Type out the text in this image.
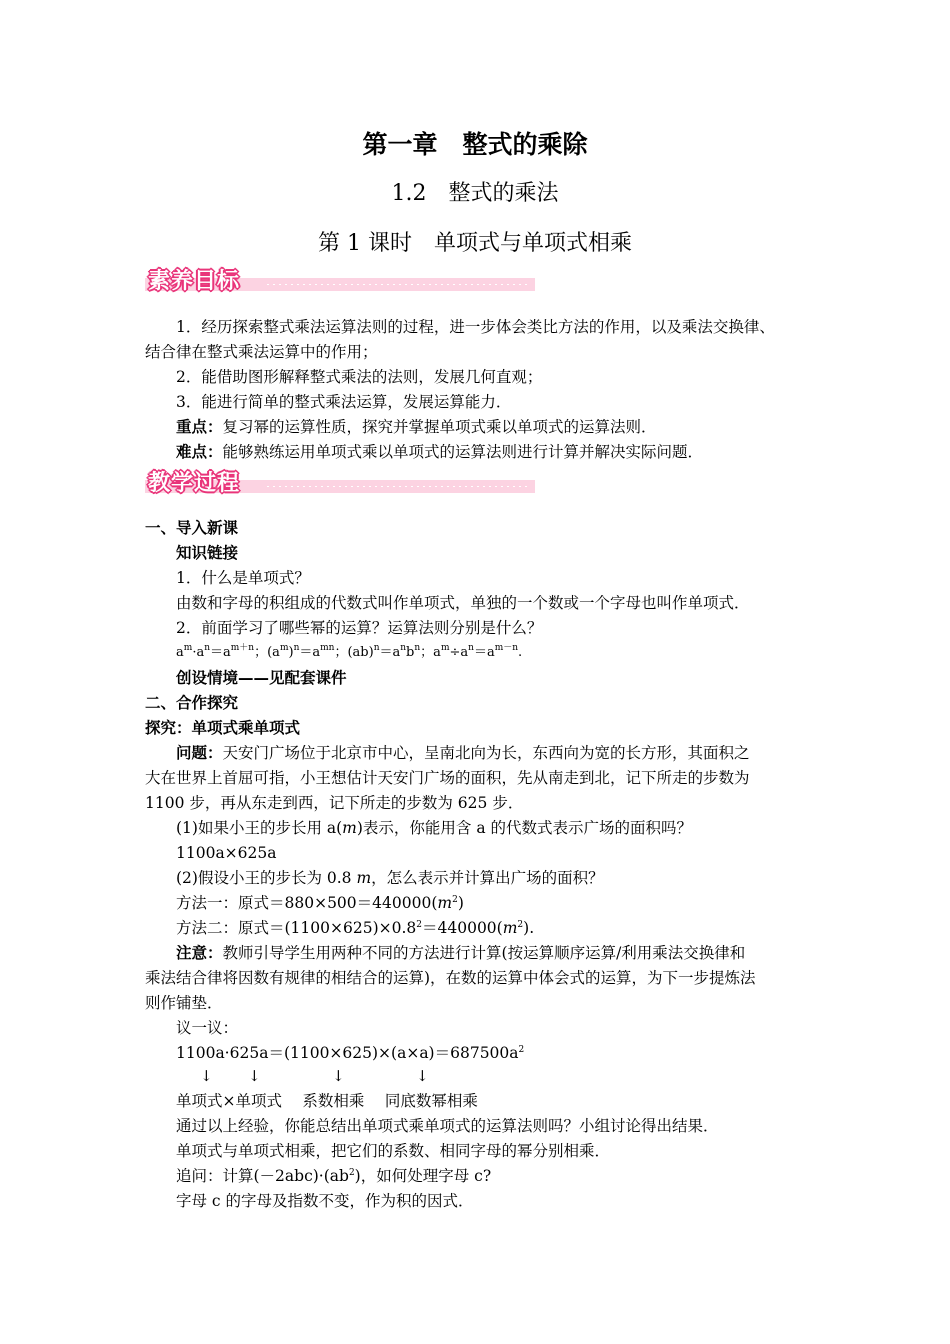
第一章　整式的乘除
1.2　整式的乘法
第 1 课时　单项式与单项式相乘
素养目标
1．经历探索整式乘法运算法则的过程，进一步体会类比方法的作用，以及乘法交换律、
结合律在整式乘法运算中的作用；
2．能借助图形解释整式乘法的法则，发展几何直观；
3．能进行简单的整式乘法运算，发展运算能力．
重点：复习幂的运算性质，探究并掌握单项式乘以单项式的运算法则．
难点：能够熟练运用单项式乘以单项式的运算法则进行计算并解决实际问题．
教学过程
一、导入新课
知识链接
1．什么是单项式？
由数和字母的积组成的代数式叫作单项式，单独的一个数或一个字母也叫作单项式．
2．前面学习了哪些幂的运算？运算法则分别是什么？
$a^m\cdot a^n=a^{m+n}$；$(a^m)^n=a^{mn}$；$(ab)^n=a^nb^n$；$a^m\div a^n=a^{m-n}$.
创设情境——见配套课件
二、合作探究
探究：单项式乘单项式
问题：天安门广场位于北京市中心，呈南北向为长，东西向为宽的长方形，其面积之
大在世界上首屈可指，小王想估计天安门广场的面积，先从南走到北，记下所走的步数为
1100 步，再从东走到西，记下所走的步数为 625 步．
(1)如果小王的步长用 a(m)表示，你能用含 a 的代数式表示广场的面积吗？
1100a×625a
(2)假设小王的步长为 0.8 m，怎么表示并计算出广场的面积？
方法一：原式$=880\times 500=440000(m^2)$
方法二：原式$=(1100\times 625)\times 0.8^2=440000(m^2)$.
注意：教师引导学生用两种不同的方法进行计算(按运算顺序运算/利用乘法交换律和
乘法结合律将因数有规律的相结合的运算)，在数的运算中体会式的运算，为下一步提炼法
则作铺垫．
议一议：
$1100a\cdot 625a=(1100\times 625)\times(a\times a)=687500a^2$
↓ ↓	↓	↓
单项式×单项式　 系数相乘　 同底数幂相乘
通过以上经验，你能总结出单项式乘单项式的运算法则吗？小组讨论得出结果．
单项式与单项式相乘，把它们的系数、相同字母的幂分别相乘．
追问：计算$(-2abc)\cdot(ab^2)$，如何处理字母 c?
字母 c 的字母及指数不变，作为积的因式．
